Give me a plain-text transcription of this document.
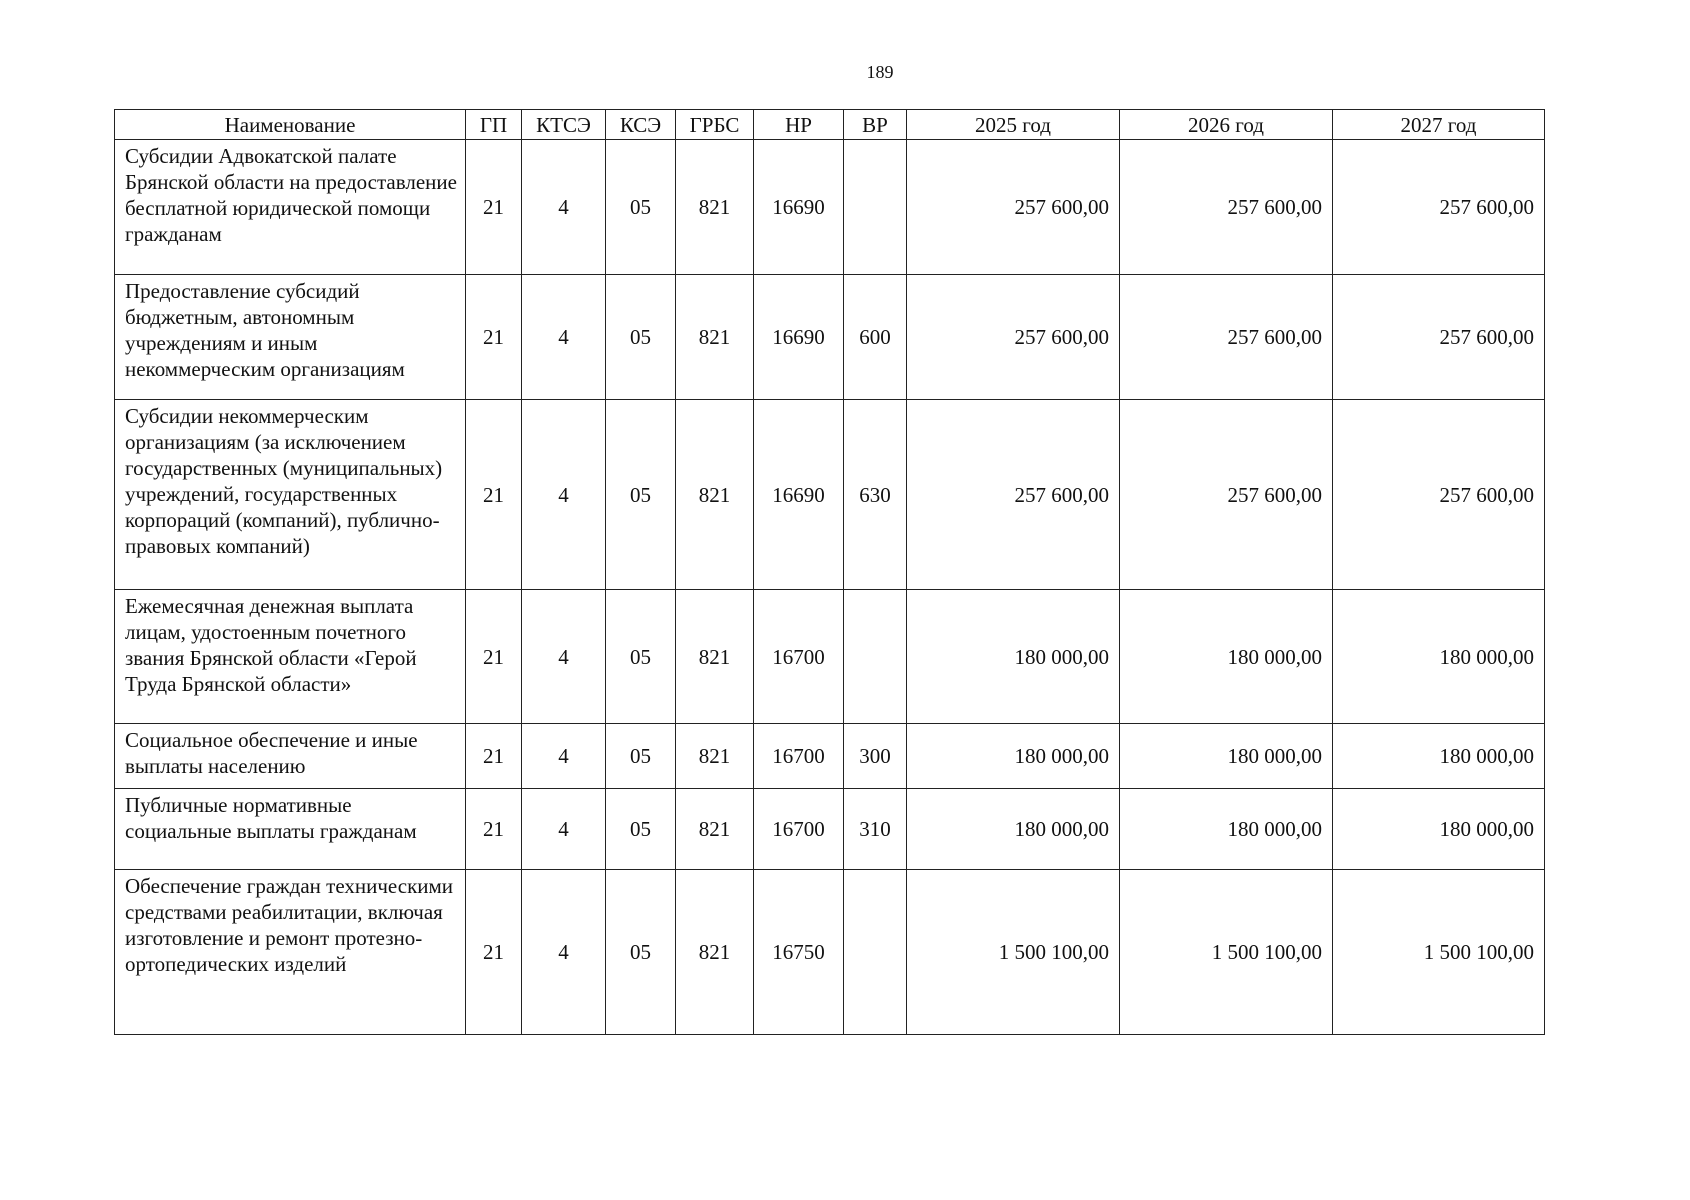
189
Наименование	ГП	КТСЭ	КСЭ	ГРБС	НР	ВР	2025 год	2026 год	2027 год
Субсидии Адвокатской палате Брянской области на предоставление бесплатной юридической помощи гражданам	21	4	05	821	16690		257 600,00	257 600,00	257 600,00
Предоставление субсидий бюджетным, автономным учреждениям и иным некоммерческим организациям	21	4	05	821	16690	600	257 600,00	257 600,00	257 600,00
Субсидии некоммерческим организациям (за исключением государственных (муниципальных) учреждений, государственных корпораций (компаний), публично-правовых компаний)	21	4	05	821	16690	630	257 600,00	257 600,00	257 600,00
Ежемесячная денежная выплата лицам, удостоенным почетного звания Брянской области «Герой Труда Брянской области»	21	4	05	821	16700		180 000,00	180 000,00	180 000,00
Социальное обеспечение и иные выплаты населению	21	4	05	821	16700	300	180 000,00	180 000,00	180 000,00
Публичные нормативные социальные выплаты гражданам	21	4	05	821	16700	310	180 000,00	180 000,00	180 000,00
Обеспечение граждан техническими средствами реабилитации, включая изготовление и ремонт протезно-ортопедических изделий	21	4	05	821	16750		1 500 100,00	1 500 100,00	1 500 100,00
